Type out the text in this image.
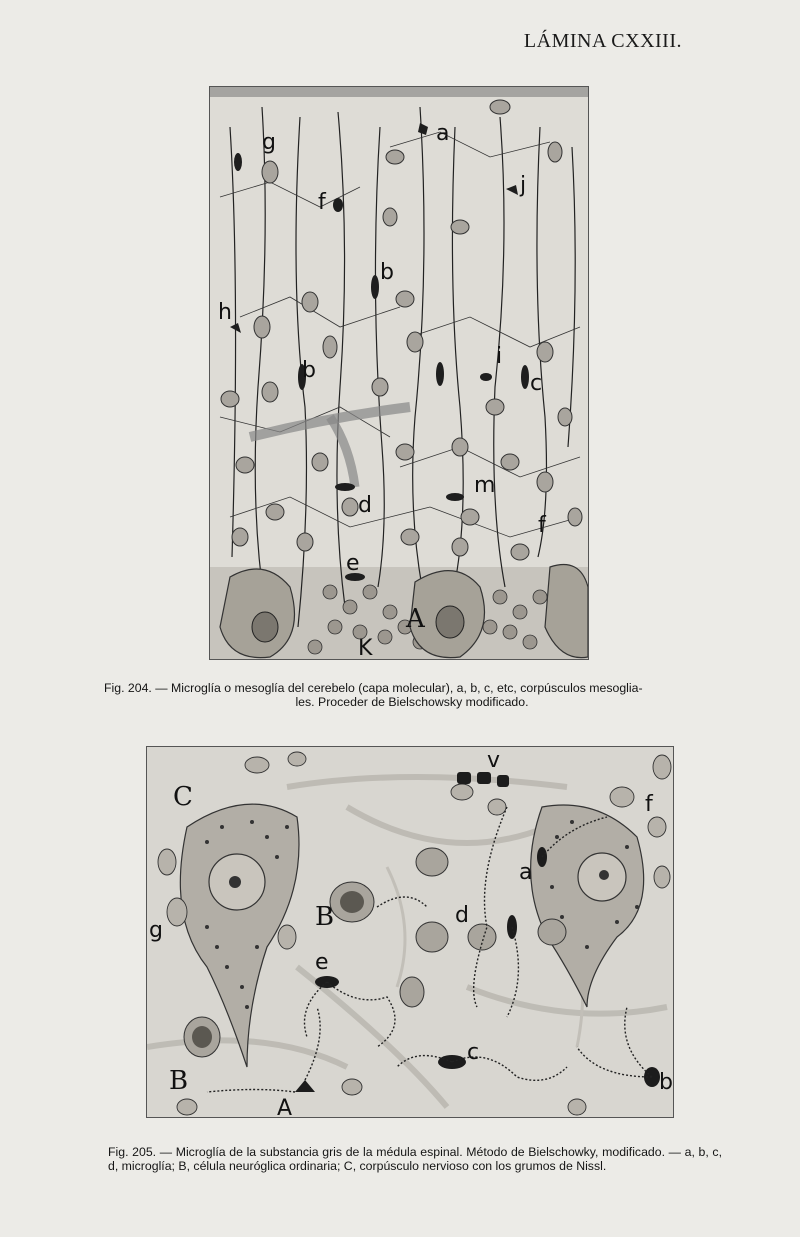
LÁMINA CXXIII.
a
b
b
c
d
e
f
f
g
h
i
j
m
A
K
Fig. 204. — Microglía o mesoglía del cerebelo (capa molecular), a, b, c, etc, corpúsculos mesoglia-
les. Proceder de Bielschowsky modificado.
C
v
f
a
d
B
e
g
c
B	b
A
Fig. 205. — Microglía de la substancia gris de la médula espinal. Método de Bielschowky, modificado. — a, b, c, d, microglía; B, célula neuróglica ordinaria; C, corpúsculo nervioso con los grumos de Nissl.
